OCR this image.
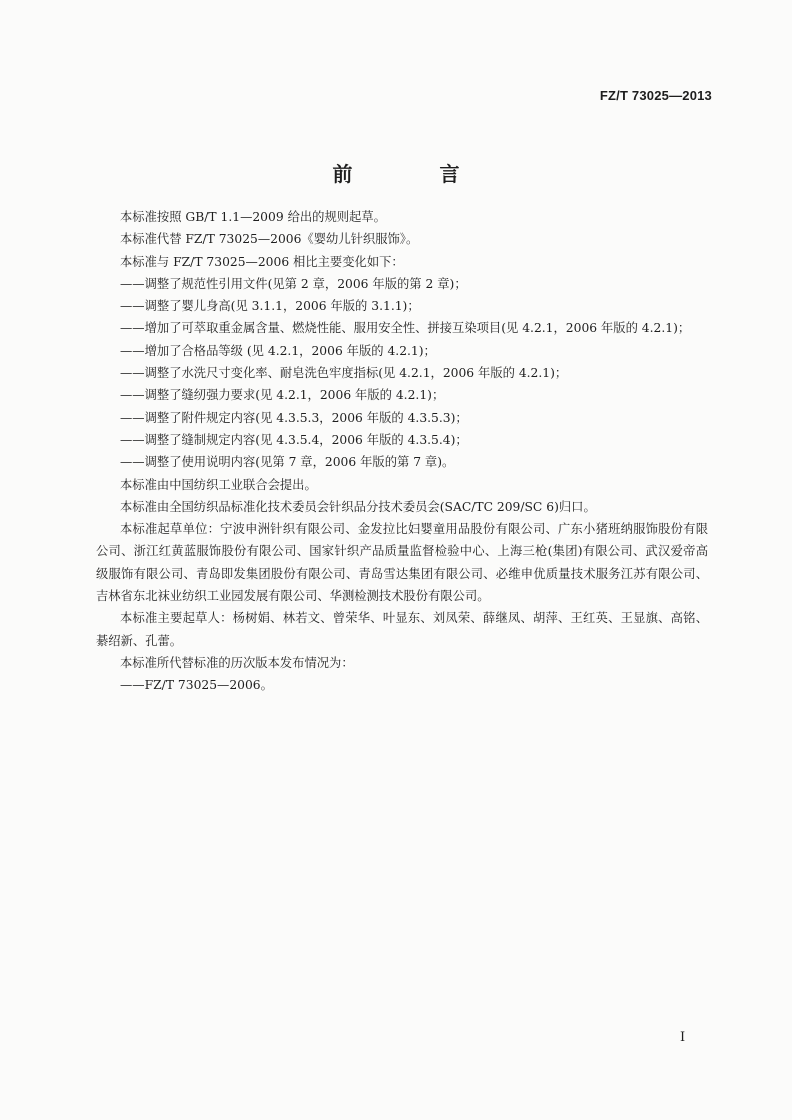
FZ/T 73025—2013
前 言

本标准按照 GB/T 1.1—2009 给出的规则起草。

本标准代替 FZ/T 73025—2006《婴幼儿针织服饰》。

本标准与 FZ/T 73025—2006 相比主要变化如下：

——调整了规范性引用文件(见第 2 章，2006 年版的第 2 章)；

——调整了婴儿身高(见 3.1.1，2006 年版的 3.1.1)；

——增加了可萃取重金属含量、燃烧性能、服用安全性、拼接互染项目(见 4.2.1，2006 年版的 4.2.1)；

——增加了合格品等级 (见 4.2.1，2006 年版的 4.2.1)；

——调整了水洗尺寸变化率、耐皂洗色牢度指标(见 4.2.1，2006 年版的 4.2.1)；

——调整了缝纫强力要求(见 4.2.1，2006 年版的 4.2.1)；

——调整了附件规定内容(见 4.3.5.3，2006 年版的 4.3.5.3)；

——调整了缝制规定内容(见 4.3.5.4，2006 年版的 4.3.5.4)；

——调整了使用说明内容(见第 7 章，2006 年版的第 7 章)。

本标准由中国纺织工业联合会提出。

本标准由全国纺织品标准化技术委员会针织品分技术委员会(SAC/TC 209/SC 6)归口。

本标准起草单位：宁波申洲针织有限公司、金发拉比妇婴童用品股份有限公司、广东小猪班纳服饰股份有限公司、浙江红黄蓝服饰股份有限公司、国家针织产品质量监督检验中心、上海三枪(集团)有限公司、武汉爱帝高级服饰有限公司、青岛即发集团股份有限公司、青岛雪达集团有限公司、必维申优质量技术服务江苏有限公司、吉林省东北袜业纺织工业园发展有限公司、华测检测技术股份有限公司。

本标准主要起草人：杨树娟、林若文、曾荣华、叶显东、刘凤荣、薛继凤、胡萍、王红英、王显旗、高铭、綦绍新、孔蕾。

本标准所代替标准的历次版本发布情况为：

——FZ/T 73025—2006。

I
